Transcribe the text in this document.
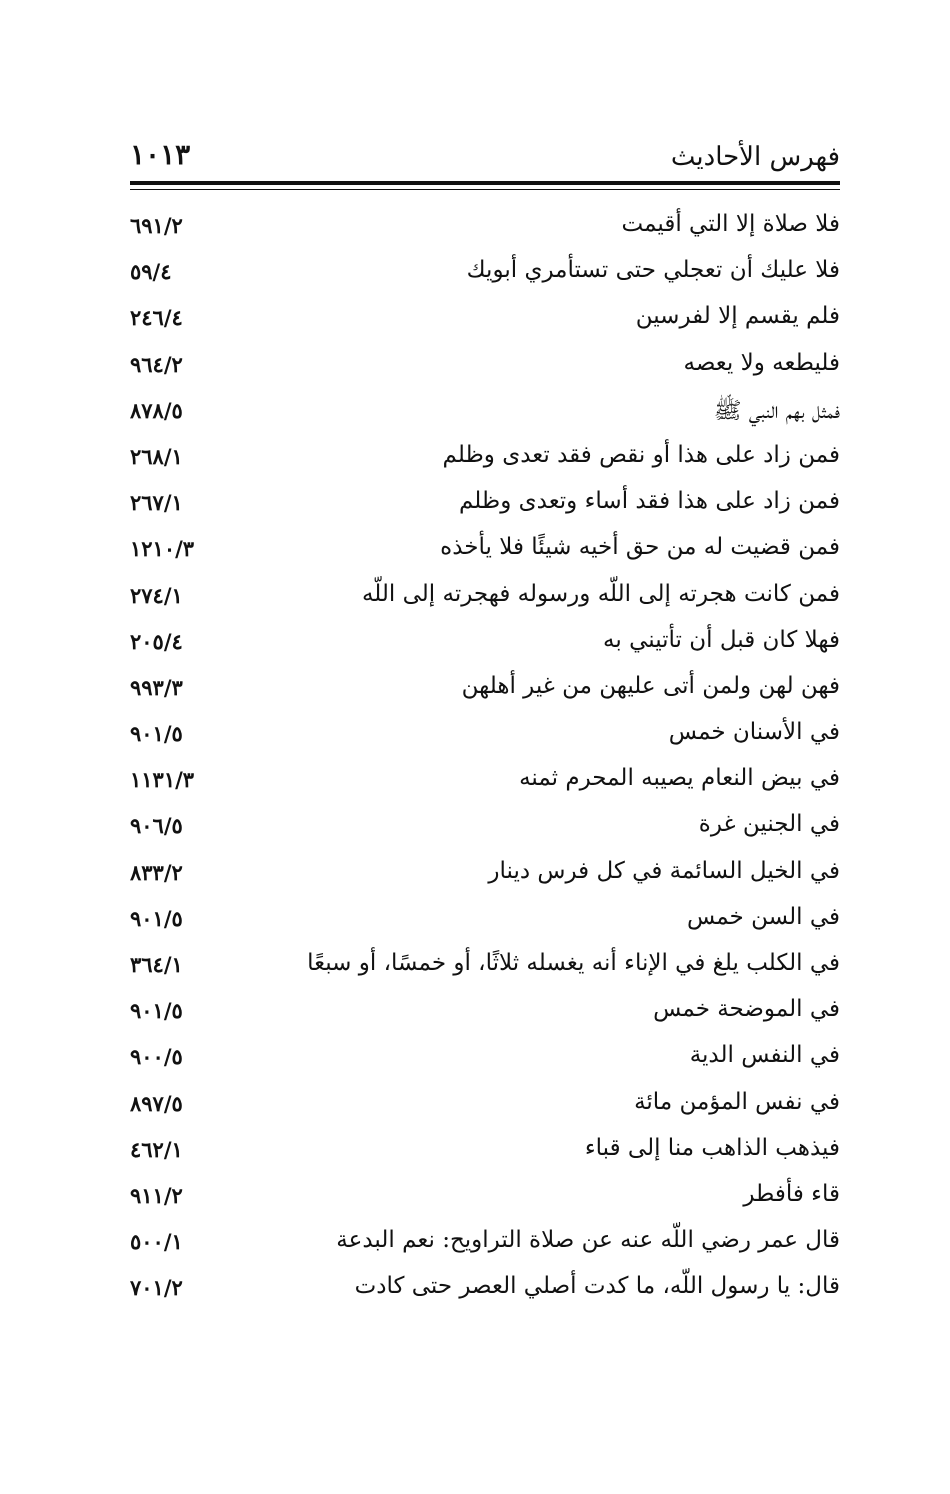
فهرس الأحاديث
١٠١٣
فلا صلاة إلا التي أقيمت
٦٩١/٢
فلا عليك أن تعجلي حتى تستأمري أبويك
٥٩/٤
فلم يقسم إلا لفرسين
٢٤٦/٤
فليطعه ولا يعصه
٩٦٤/٢
فمثل بهم النبي ﷺ
٨٧٨/٥
فمن زاد على هذا أو نقص فقد تعدى وظلم
٢٦٨/١
فمن زاد على هذا فقد أساء وتعدى وظلم
٢٦٧/١
فمن قضيت له من حق أخيه شيئًا فلا يأخذه
١٢١٠/٣
فمن كانت هجرته إلى اللّه ورسوله فهجرته إلى اللّه
٢٧٤/١
فهلا كان قبل أن تأتيني به
٢٠٥/٤
فهن لهن ولمن أتى عليهن من غير أهلهن
٩٩٣/٣
في الأسنان خمس
٩٠١/٥
في بيض النعام يصيبه المحرم ثمنه
١١٣١/٣
في الجنين غرة
٩٠٦/٥
في الخيل السائمة في كل فرس دينار
٨٣٣/٢
في السن خمس
٩٠١/٥
في الكلب يلغ في الإناء أنه يغسله ثلاثًا، أو خمسًا، أو سبعًا
٣٦٤/١
في الموضحة خمس
٩٠١/٥
في النفس الدية
٩٠٠/٥
في نفس المؤمن مائة
٨٩٧/٥
فيذهب الذاهب منا إلى قباء
٤٦٢/١
قاء فأفطر
٩١١/٢
قال عمر رضي اللّه عنه عن صلاة التراويح: نعم البدعة
٥٠٠/١
قال: يا رسول اللّه، ما كدت أصلي العصر حتى كادت
٧٠١/٢
